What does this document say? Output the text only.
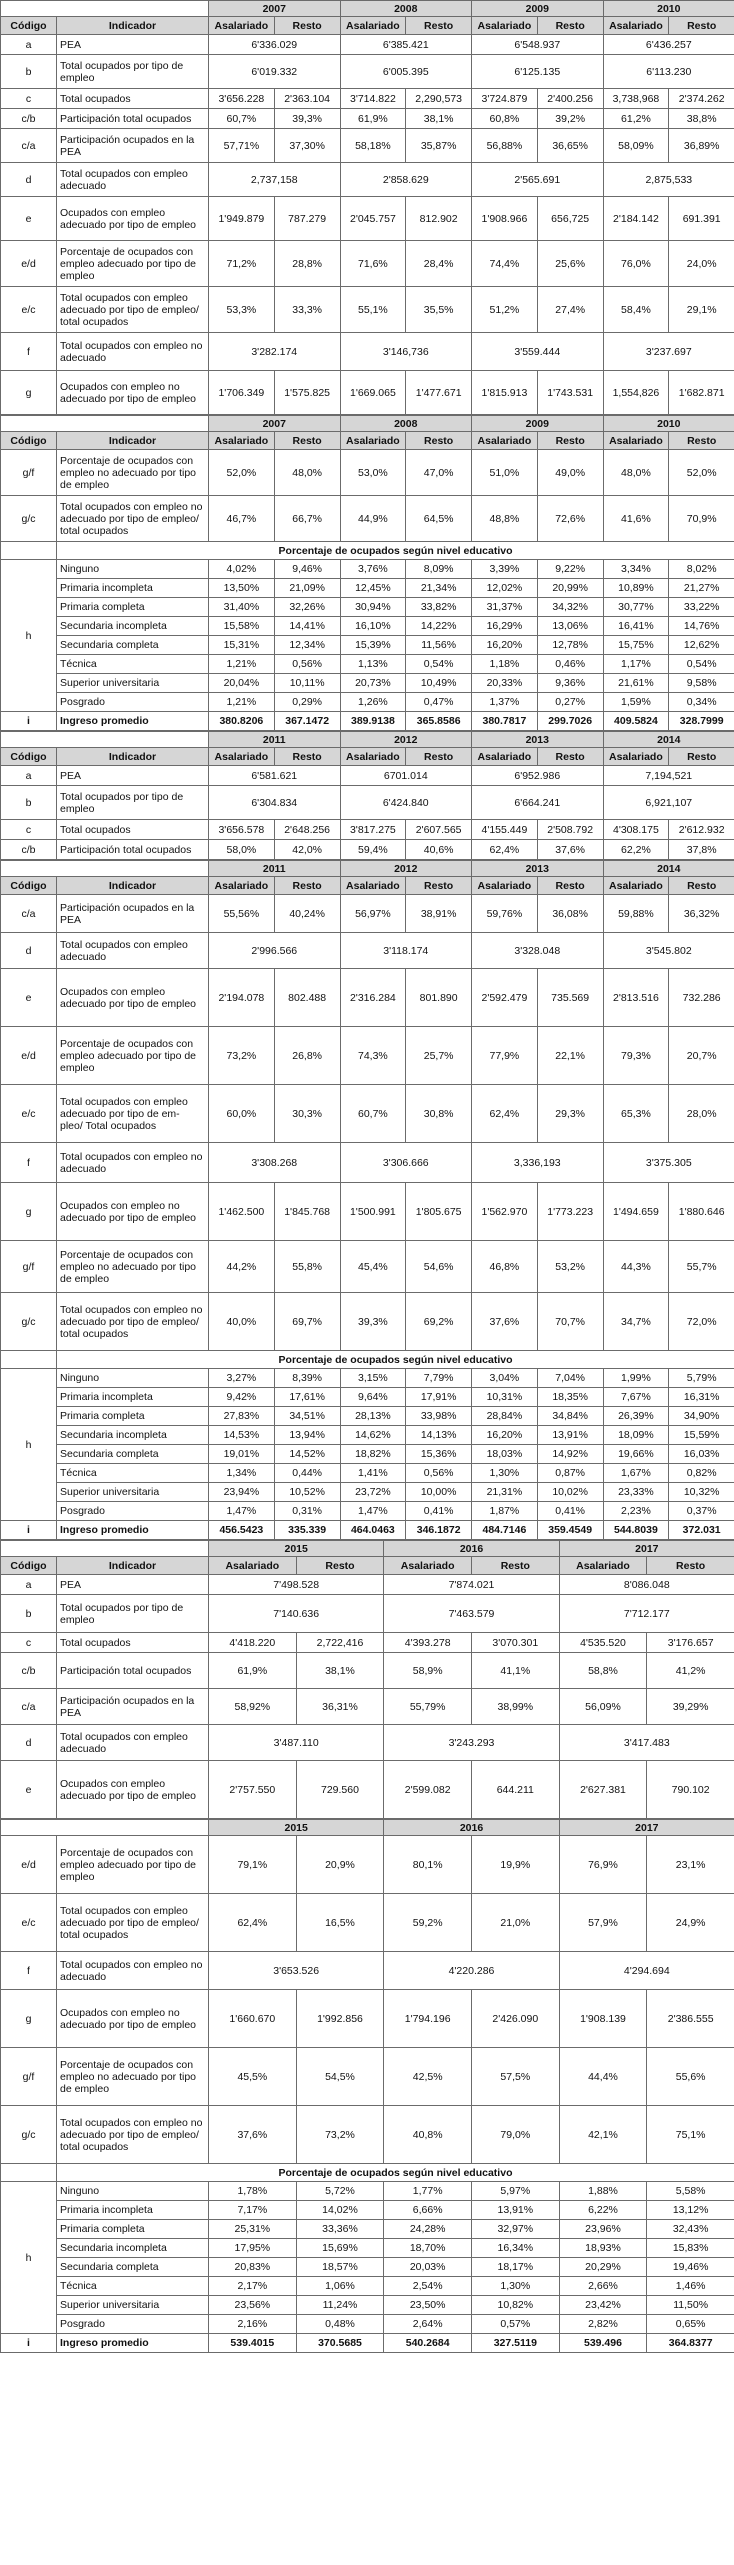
		2007		2008		2009		2010	
Código	Indicador	Asalariado	Resto	Asalariado	Resto	Asalariado	Resto	Asalariado	Resto
a	PEA	6'336.029		6'385.421		6'548.937		6'436.257	
b	Total ocupados por tipo de empleo	6'019.332		6'005.395		6'125.135		6'113.230	
c	Total ocupados	3'656.228	2'363.104	3'714.822	2,290,573	3'724.879	2'400.256	3,738,968	2'374.262
c/b	Participación total ocupados	60,7%	39,3%	61,9%	38,1%	60,8%	39,2%	61,2%	38,8%
c/a	Participación ocupados en la PEA	57,71%	37,30%	58,18%	35,87%	56,88%	36,65%	58,09%	36,89%
d	Total ocupados con empleo adecuado	2,737,158		2'858.629		2'565.691		2,875,533	
e	Ocupados con empleo adecuado por tipo de empleo	1'949.879	787.279	2'045.757	812.902	1'908.966	656,725	2'184.142	691.391
e/d	Porcentaje de ocupados con empleo adecuado por tipo de empleo	71,2%	28,8%	71,6%	28,4%	74,4%	25,6%	76,0%	24,0%
e/c	Total ocupados con empleo adecuado por tipo de empleo/ total ocupados	53,3%	33,3%	55,1%	35,5%	51,2%	27,4%	58,4%	29,1%
f	Total ocupados con empleo no adecuado	3'282.174		3'146,736		3'559.444		3'237.697	
g	Ocupados con empleo no adecuado por tipo de empleo	1'706.349	1'575.825	1'669.065	1'477.671	1'815.913	1'743.531	1,554,826	1'682.871
		2007		2008		2009		2010	
Código	Indicador	Asalariado	Resto	Asalariado	Resto	Asalariado	Resto	Asalariado	Resto
g/f	Porcentaje de ocupados con empleo no adecuado por tipo de empleo	52,0%	48,0%	53,0%	47,0%	51,0%	49,0%	48,0%	52,0%
g/c	Total ocupados con empleo no adecuado por tipo de empleo/ total ocupados	46,7%	66,7%	44,9%	64,5%	48,8%	72,6%	41,6%	70,9%
	Porcentaje de ocupados según nivel educativo								
h	Ninguno	4,02%	9,46%	3,76%	8,09%	3,39%	9,22%	3,34%	8,02%
	Primaria incompleta	13,50%	21,09%	12,45%	21,34%	12,02%	20,99%	10,89%	21,27%
	Primaria completa	31,40%	32,26%	30,94%	33,82%	31,37%	34,32%	30,77%	33,22%
	Secundaria incompleta	15,58%	14,41%	16,10%	14,22%	16,29%	13,06%	16,41%	14,76%
	Secundaria completa	15,31%	12,34%	15,39%	11,56%	16,20%	12,78%	15,75%	12,62%
	Técnica	1,21%	0,56%	1,13%	0,54%	1,18%	0,46%	1,17%	0,54%
	Superior universitaria	20,04%	10,11%	20,73%	10,49%	20,33%	9,36%	21,61%	9,58%
	Posgrado	1,21%	0,29%	1,26%	0,47%	1,37%	0,27%	1,59%	0,34%
i	Ingreso promedio	380.8206	367.1472	389.9138	365.8586	380.7817	299.7026	409.5824	328.7999
		2011		2012		2013		2014	
Código	Indicador	Asalariado	Resto	Asalariado	Resto	Asalariado	Resto	Asalariado	Resto
a	PEA	6'581.621		6701.014		6'952.986		7,194,521	
b	Total ocupados por tipo de empleo	6'304.834		6'424.840		6'664.241		6,921,107	
c	Total ocupados	3'656.578	2'648.256	3'817.275	2'607.565	4'155.449	2'508.792	4'308.175	2'612.932
c/b	Participación total ocupados	58,0%	42,0%	59,4%	40,6%	62,4%	37,6%	62,2%	37,8%
		2011		2012		2013		2014	
Código	Indicador	Asalariado	Resto	Asalariado	Resto	Asalariado	Resto	Asalariado	Resto
c/a	Participación ocupados en la PEA	55,56%	40,24%	56,97%	38,91%	59,76%	36,08%	59,88%	36,32%
d	Total ocupados con empleo adecuado	2'996.566		3'118.174		3'328.048		3'545.802	
e	Ocupados con empleo adecuado por tipo de empleo	2'194.078	802.488	2'316.284	801.890	2'592.479	735.569	2'813.516	732.286
e/d	Porcentaje de ocupados con empleo adecuado por tipo de empleo	73,2%	26,8%	74,3%	25,7%	77,9%	22,1%	79,3%	20,7%
e/c	Total ocupados con empleo adecuado por tipo de em- pleo/ Total ocupados	60,0%	30,3%	60,7%	30,8%	62,4%	29,3%	65,3%	28,0%
f	Total ocupados con empleo no adecuado	3'308.268		3'306.666		3,336,193		3'375.305	
g	Ocupados con empleo no adecuado por tipo de empleo	1'462.500	1'845.768	1'500.991	1'805.675	1'562.970	1'773.223	1'494.659	1'880.646
g/f	Porcentaje de ocupados con empleo no adecuado por tipo de empleo	44,2%	55,8%	45,4%	54,6%	46,8%	53,2%	44,3%	55,7%
g/c	Total ocupados con empleo no adecuado por tipo de empleo/ total ocupados	40,0%	69,7%	39,3%	69,2%	37,6%	70,7%	34,7%	72,0%
	Porcentaje de ocupados según nivel educativo								
h	Ninguno	3,27%	8,39%	3,15%	7,79%	3,04%	7,04%	1,99%	5,79%
	Primaria incompleta	9,42%	17,61%	9,64%	17,91%	10,31%	18,35%	7,67%	16,31%
	Primaria completa	27,83%	34,51%	28,13%	33,98%	28,84%	34,84%	26,39%	34,90%
	Secundaria incompleta	14,53%	13,94%	14,62%	14,13%	16,20%	13,91%	18,09%	15,59%
	Secundaria completa	19,01%	14,52%	18,82%	15,36%	18,03%	14,92%	19,66%	16,03%
	Técnica	1,34%	0,44%	1,41%	0,56%	1,30%	0,87%	1,67%	0,82%
	Superior universitaria	23,94%	10,52%	23,72%	10,00%	21,31%	10,02%	23,33%	10,32%
	Posgrado	1,47%	0,31%	1,47%	0,41%	1,87%	0,41%	2,23%	0,37%
i	Ingreso promedio	456.5423	335.339	464.0463	346.1872	484.7146	359.4549	544.8039	372.031
		2015		2016		2017	
Código	Indicador	Asalariado	Resto	Asalariado	Resto	Asalariado	Resto
a	PEA	7'498.528		7'874.021		8'086.048	
b	Total ocupados por tipo de empleo	7'140.636		7'463.579		7'712.177	
c	Total ocupados	4'418.220	2,722,416	4'393.278	3'070.301	4'535.520	3'176.657
c/b	Participación total ocupados	61,9%	38,1%	58,9%	41,1%	58,8%	41,2%
c/a	Participación ocupados en la PEA	58,92%	36,31%	55,79%	38,99%	56,09%	39,29%
d	Total ocupados con empleo adecuado	3'487.110		3'243.293		3'417.483	
e	Ocupados con empleo adecuado por tipo de empleo	2'757.550	729.560	2'599.082	644.211	2'627.381	790.102
		2015		2016		2017	
e/d	Porcentaje de ocupados con empleo adecuado por tipo de empleo	79,1%	20,9%	80,1%	19,9%	76,9%	23,1%
e/c	Total ocupados con empleo adecuado por tipo de empleo/ total ocupados	62,4%	16,5%	59,2%	21,0%	57,9%	24,9%
f	Total ocupados con empleo no adecuado	3'653.526		4'220.286		4'294.694	
g	Ocupados con empleo no adecuado por tipo de empleo	1'660.670	1'992.856	1'794.196	2'426.090	1'908.139	2'386.555
g/f	Porcentaje de ocupados con empleo no adecuado por tipo de empleo	45,5%	54,5%	42,5%	57,5%	44,4%	55,6%
g/c	Total ocupados con empleo no adecuado por tipo de empleo/ total ocupados	37,6%	73,2%	40,8%	79,0%	42,1%	75,1%
	Porcentaje de ocupados según nivel educativo						
h	Ninguno	1,78%	5,72%	1,77%	5,97%	1,88%	5,58%
	Primaria incompleta	7,17%	14,02%	6,66%	13,91%	6,22%	13,12%
	Primaria completa	25,31%	33,36%	24,28%	32,97%	23,96%	32,43%
	Secundaria incompleta	17,95%	15,69%	18,70%	16,34%	18,93%	15,83%
	Secundaria completa	20,83%	18,57%	20,03%	18,17%	20,29%	19,46%
	Técnica	2,17%	1,06%	2,54%	1,30%	2,66%	1,46%
	Superior universitaria	23,56%	11,24%	23,50%	10,82%	23,42%	11,50%
	Posgrado	2,16%	0,48%	2,64%	0,57%	2,82%	0,65%
i	Ingreso promedio	539.4015	370.5685	540.2684	327.5119	539.496	364.8377
